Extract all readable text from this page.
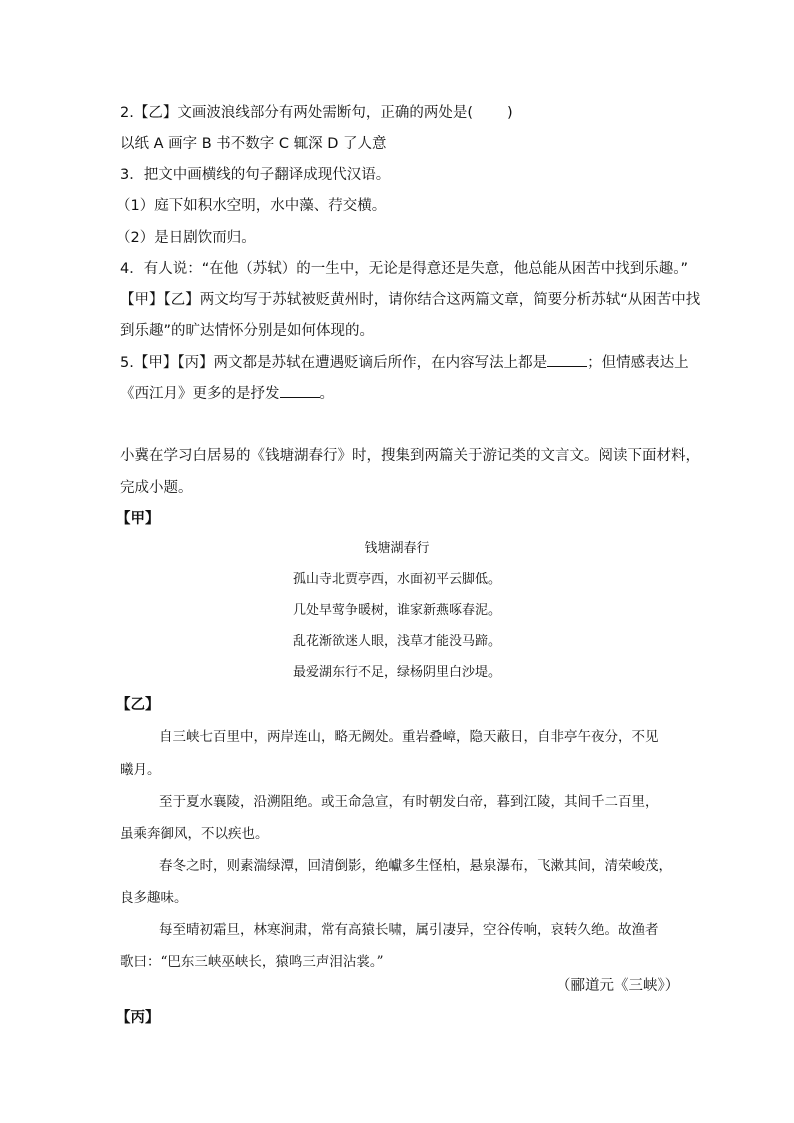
2.【乙】文画波浪线部分有两处需断句，正确的两处是( )
以纸 A 画字 B 书不数字 C 辄深 D 了人意
3．把文中画横线的句子翻译成现代汉语。
（1）庭下如积水空明，水中藻、荇交横。
（2）是日剧饮而归。
4．有人说：“在他（苏轼）的一生中，无论是得意还是失意，他总能从困苦中找到乐趣。”
【甲】【乙】两文均写于苏轼被贬黄州时，请你结合这两篇文章，简要分析苏轼“从困苦中找
到乐趣”的旷达情怀分别是如何体现的。
5.【甲】【丙】两文都是苏轼在遭遇贬谪后所作，在内容写法上都是	；但情感表达上
《西江月》更多的是抒发	。
小冀在学习白居易的《钱塘湖春行》时，搜集到两篇关于游记类的文言文。阅读下面材料，
完成小题。
【甲】
钱塘湖春行
孤山寺北贾亭西，水面初平云脚低。
几处早莺争暖树，谁家新燕啄春泥。
乱花渐欲迷人眼，浅草才能没马蹄。
最爱湖东行不足，绿杨阴里白沙堤。
【乙】
自三峡七百里中，两岸连山，略无阙处。重岩叠嶂，隐天蔽日，自非亭午夜分，不见
曦月。
至于夏水襄陵，沿溯阻绝。或王命急宣，有时朝发白帝，暮到江陵，其间千二百里，
虽乘奔御风，不以疾也。
春冬之时，则素湍绿潭，回清倒影，绝巘多生怪柏，悬泉瀑布，飞漱其间，清荣峻茂，
良多趣味。
每至晴初霜旦，林寒涧肃，常有高猿长啸，属引凄异，空谷传响，哀转久绝。故渔者
歌曰：“巴东三峡巫峡长，猿鸣三声泪沾裳。”
（郦道元《三峡》）
【丙】
